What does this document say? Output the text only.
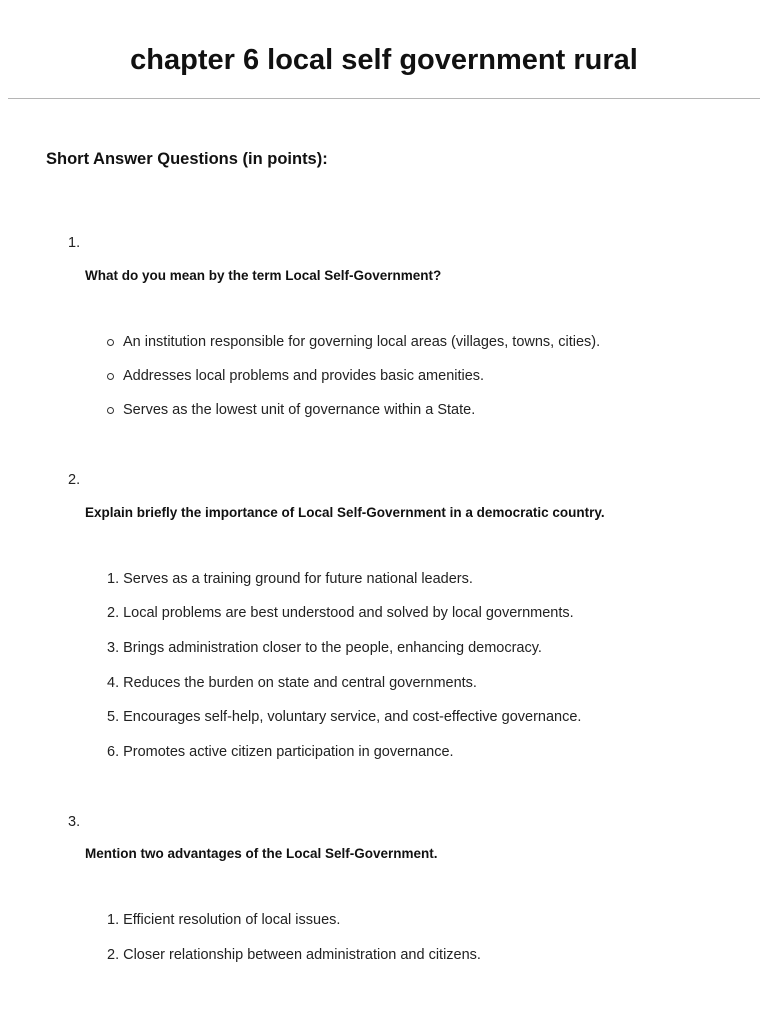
chapter 6 local self government rural
Short Answer Questions (in points):
1.
What do you mean by the term Local Self-Government?
An institution responsible for governing local areas (villages, towns, cities).
Addresses local problems and provides basic amenities.
Serves as the lowest unit of governance within a State.
2.
Explain briefly the importance of Local Self-Government in a democratic country.
1. Serves as a training ground for future national leaders.
2. Local problems are best understood and solved by local governments.
3. Brings administration closer to the people, enhancing democracy.
4. Reduces the burden on state and central governments.
5. Encourages self-help, voluntary service, and cost-effective governance.
6. Promotes active citizen participation in governance.
3.
Mention two advantages of the Local Self-Government.
1. Efficient resolution of local issues.
2. Closer relationship between administration and citizens.
